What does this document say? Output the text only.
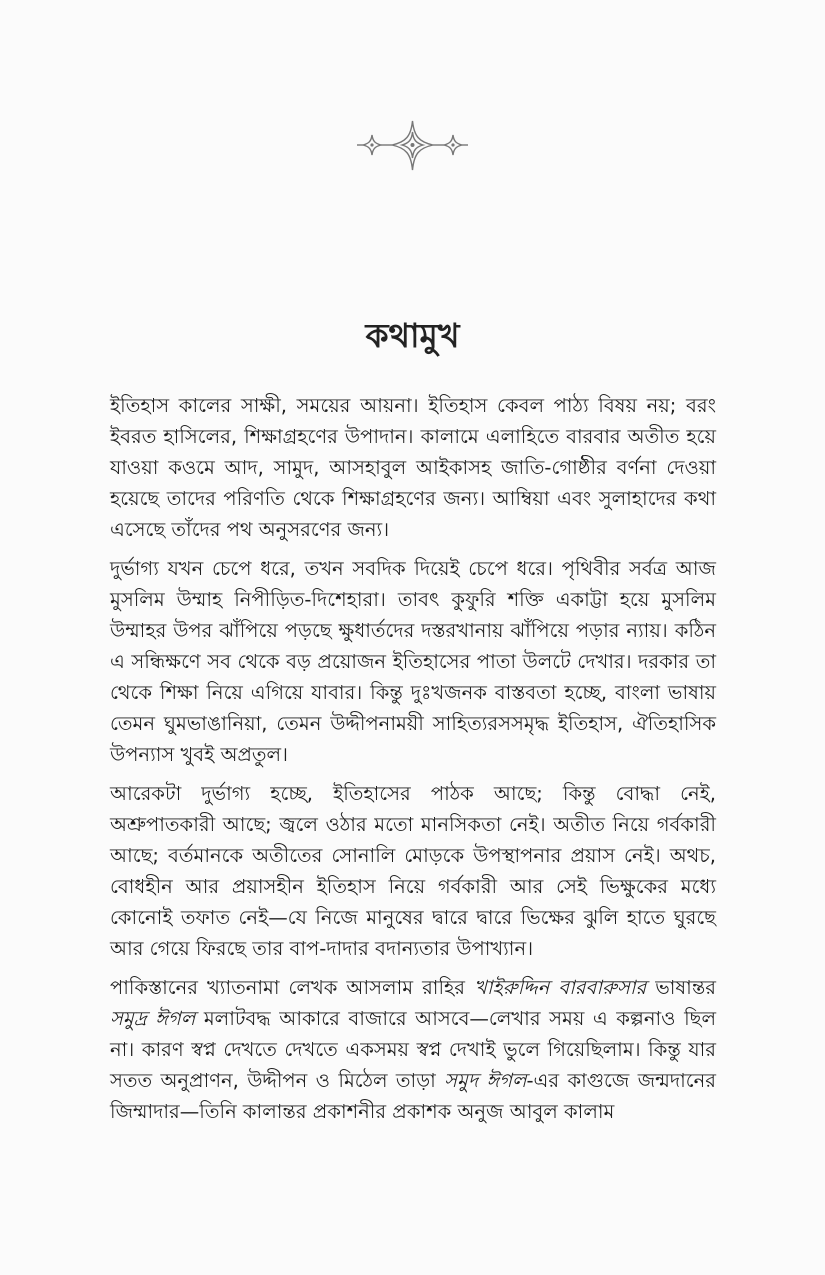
কথামুখ

ইতিহাস কালের সাক্ষী, সময়ের আয়না। ইতিহাস কেবল পাঠ্য বিষয় নয়; বরং ইবরত হাসিলের, শিক্ষাগ্রহণের উপাদান। কালামে এলাহিতে বারবার অতীত হয়ে যাওয়া কওমে আদ, সামুদ, আসহাবুল আইকাসহ জাতি-গোষ্ঠীর বর্ণনা দেওয়া হয়েছে তাদের পরিণতি থেকে শিক্ষাগ্রহণের জন্য। আম্বিয়া এবং সুলাহাদের কথা এসেছে তাঁদের পথ অনুসরণের জন্য।

দুর্ভাগ্য যখন চেপে ধরে, তখন সবদিক দিয়েই চেপে ধরে। পৃথিবীর সর্বত্র আজ মুসলিম উম্মাহ নিপীড়িত-দিশেহারা। তাবৎ কুফুরি শক্তি একাট্টা হয়ে মুসলিম উম্মাহর উপর ঝাঁপিয়ে পড়ছে ক্ষুধার্তদের দস্তরখানায় ঝাঁপিয়ে পড়ার ন্যায়। কঠিন এ সন্ধিক্ষণে সব থেকে বড় প্রয়োজন ইতিহাসের পাতা উলটে দেখার। দরকার তা থেকে শিক্ষা নিয়ে এগিয়ে যাবার। কিন্তু দুঃখজনক বাস্তবতা হচ্ছে, বাংলা ভাষায় তেমন ঘুমভাঙানিয়া, তেমন উদ্দীপনাময়ী সাহিত্যরসসমৃদ্ধ ইতিহাস, ঐতিহাসিক উপন্যাস খুবই অপ্রতুল।

আরেকটা দুর্ভাগ্য হচ্ছে, ইতিহাসের পাঠক আছে; কিন্তু বোদ্ধা নেই, অশ্রুপাতকারী আছে; জ্বলে ওঠার মতো মানসিকতা নেই। অতীত নিয়ে গর্বকারী আছে; বর্তমানকে অতীতের সোনালি মোড়কে উপস্থাপনার প্রয়াস নেই। অথচ, বোধহীন আর প্রয়াসহীন ইতিহাস নিয়ে গর্বকারী আর সেই ভিক্ষুকের মধ্যে কোনোই তফাত নেই—যে নিজে মানুষের দ্বারে দ্বারে ভিক্ষের ঝুলি হাতে ঘুরছে আর গেয়ে ফিরছে তার বাপ-দাদার বদান্যতার উপাখ্যান।

পাকিস্তানের খ্যাতনামা লেখক আসলাম রাহির খাইরুদ্দিন বারবারুসার ভাষান্তর সমুদ্র ঈগল মলাটবদ্ধ আকারে বাজারে আসবে—লেখার সময় এ কল্পনাও ছিল না। কারণ স্বপ্ন দেখতে দেখতে একসময় স্বপ্ন দেখাই ভুলে গিয়েছিলাম। কিন্তু যার সতত অনুপ্রাণন, উদ্দীপন ও মিঠেল তাড়া সমুদ ঈগল-এর কাগুজে জন্মদানের জিম্মাদার—তিনি কালান্তর প্রকাশনীর প্রকাশক অনুজ আবুল কালাম
